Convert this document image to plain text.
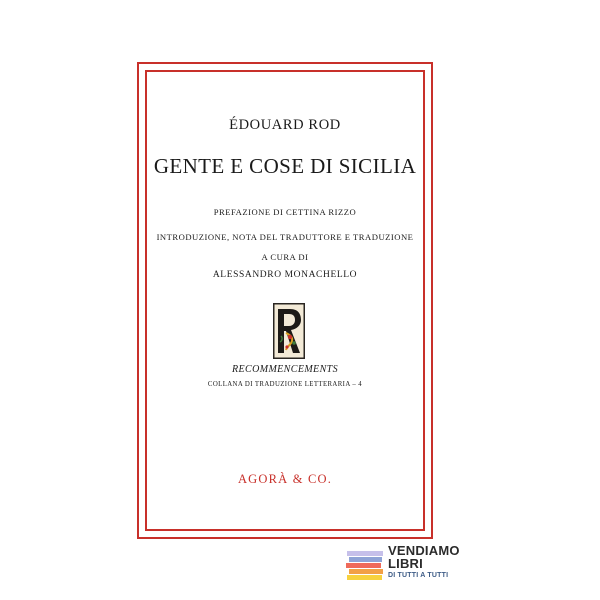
ÉDOUARD ROD
GENTE E COSE DI SICILIA
PREFAZIONE DI CETTINA RIZZO
INTRODUZIONE, NOTA DEL TRADUTTORE E TRADUZIONE
A CURA DI
ALESSANDRO MONACHELLO
RECOMMENCEMENTS
COLLANA DI TRADUZIONE LETTERARIA – 4
AGORÀ & CO.
VENDIAMO
LIBRI
DI TUTTI A TUTTI
